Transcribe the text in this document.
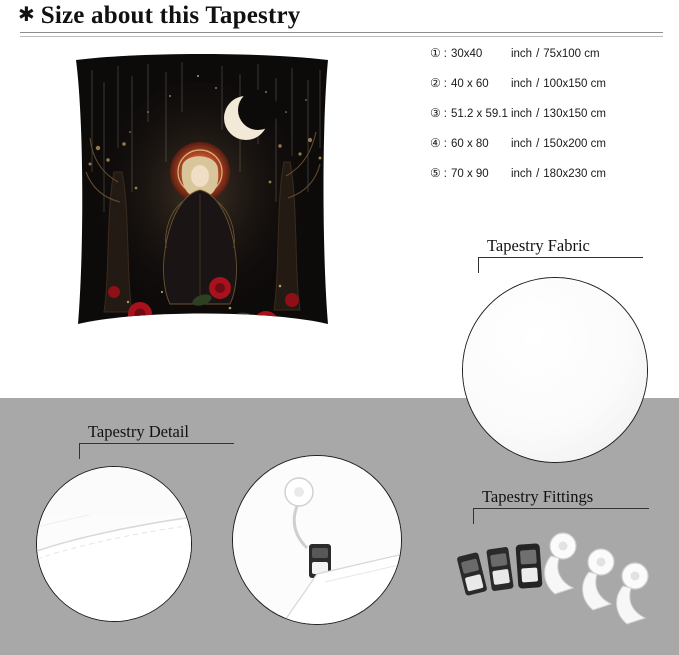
✱ Size about this Tapestry
① : 30x40	inch / 75x100 cm
② : 40 x 60	inch / 100x150 cm
③ : 51.2 x 59.1 inch / 130x150 cm
④ : 60 x 80	inch / 150x200 cm
⑤ : 70 x 90	inch / 180x230 cm
Tapestry Fabric
Tapestry Detail
Tapestry Fittings
